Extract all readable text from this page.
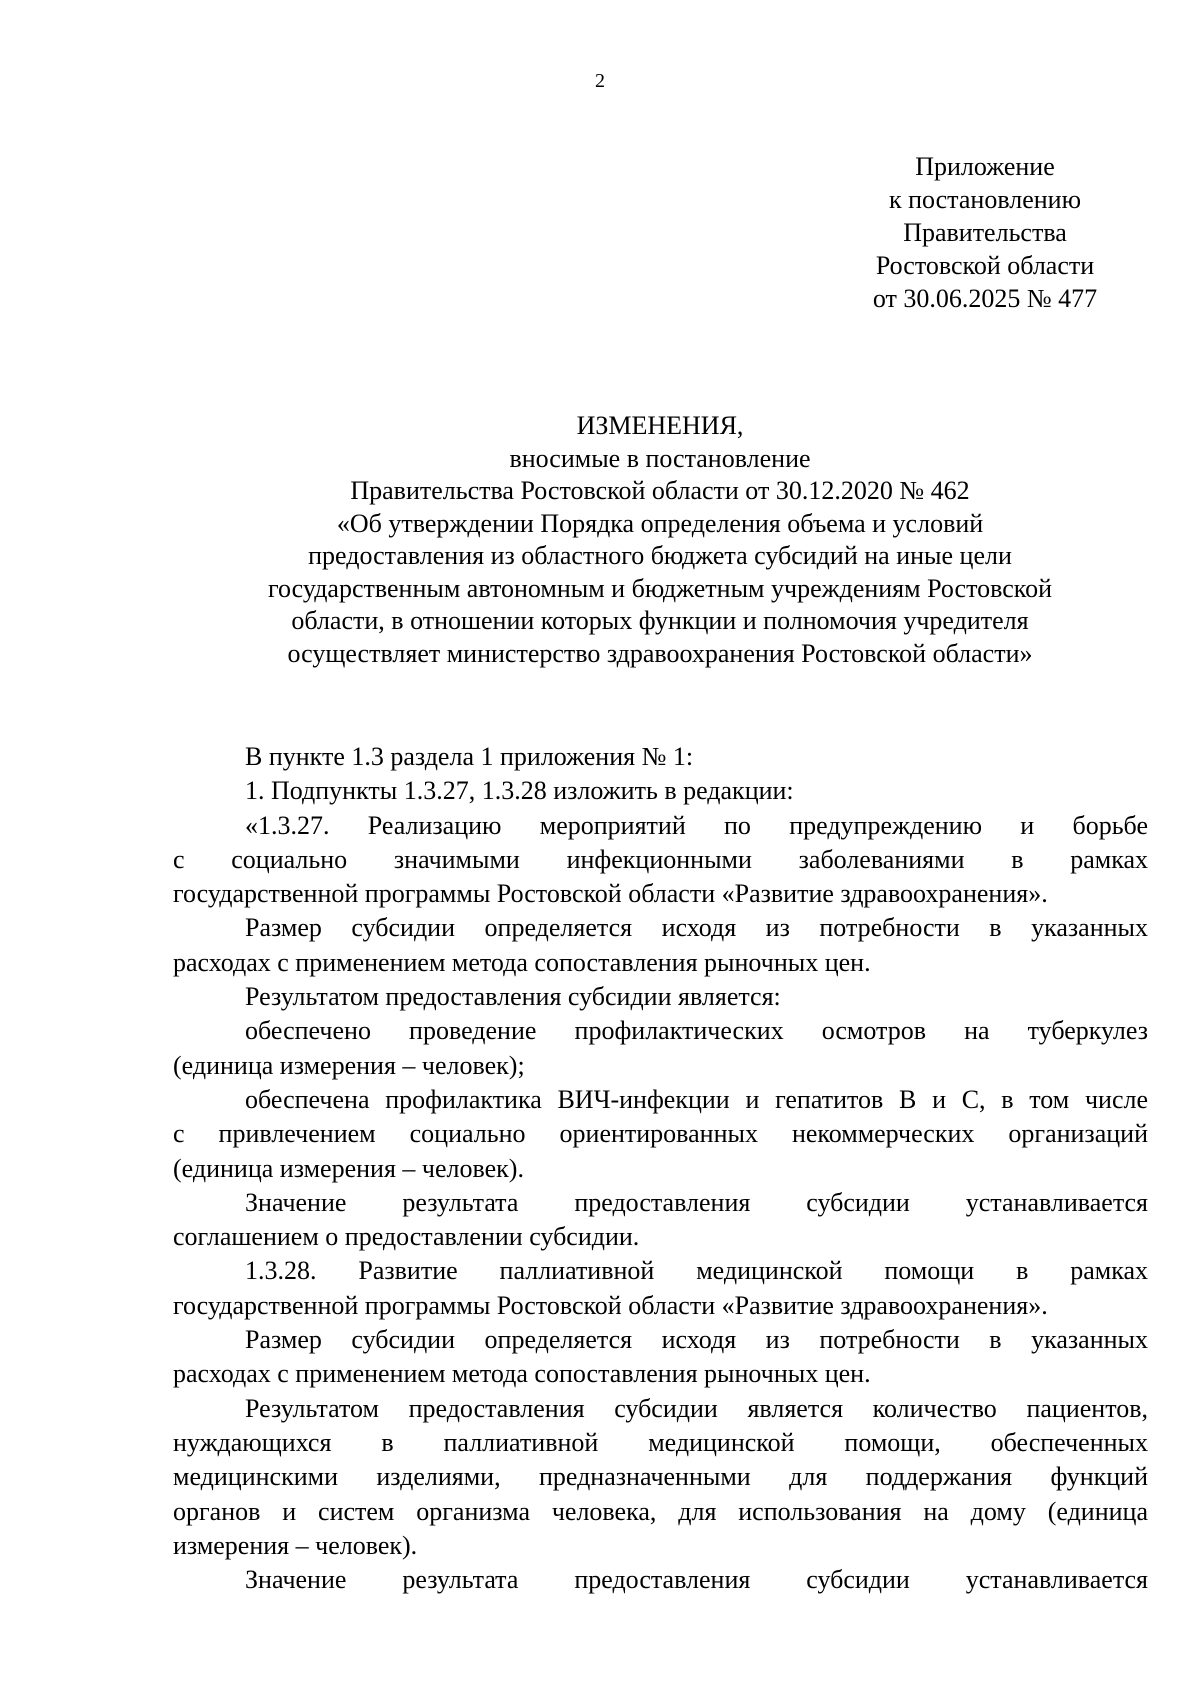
2
Приложение
к постановлению
Правительства
Ростовской области
от 30.06.2025 № 477
ИЗМЕНЕНИЯ,
вносимые в постановление
Правительства Ростовской области от 30.12.2020 № 462
«Об утверждении Порядка определения объема и условий
предоставления из областного бюджета субсидий на иные цели
государственным автономным и бюджетным учреждениям Ростовской
области, в отношении которых функции и полномочия учредителя
осуществляет министерство здравоохранения Ростовской области»
В пункте 1.3 раздела 1 приложения № 1:
1. Подпункты 1.3.27, 1.3.28 изложить в редакции:
«1.3.27. Реализацию мероприятий по предупреждению и борьбе
с социально значимыми инфекционными заболеваниями в рамках
государственной программы Ростовской области «Развитие здравоохранения».
Размер субсидии определяется исходя из потребности в указанных
расходах с применением метода сопоставления рыночных цен.
Результатом предоставления субсидии является:
обеспечено проведение профилактических осмотров на туберкулез
(единица измерения – человек);
обеспечена профилактика ВИЧ-инфекции и гепатитов B и C, в том числе
с привлечением социально ориентированных некоммерческих организаций
(единица измерения – человек).
Значение результата предоставления субсидии устанавливается
соглашением о предоставлении субсидии.
1.3.28. Развитие паллиативной медицинской помощи в рамках
государственной программы Ростовской области «Развитие здравоохранения».
Размер субсидии определяется исходя из потребности в указанных
расходах с применением метода сопоставления рыночных цен.
Результатом предоставления субсидии является количество пациентов,
нуждающихся в паллиативной медицинской помощи, обеспеченных
медицинскими изделиями, предназначенными для поддержания функций
органов и систем организма человека, для использования на дому (единица
измерения – человек).
Значение результата предоставления субсидии устанавливается
